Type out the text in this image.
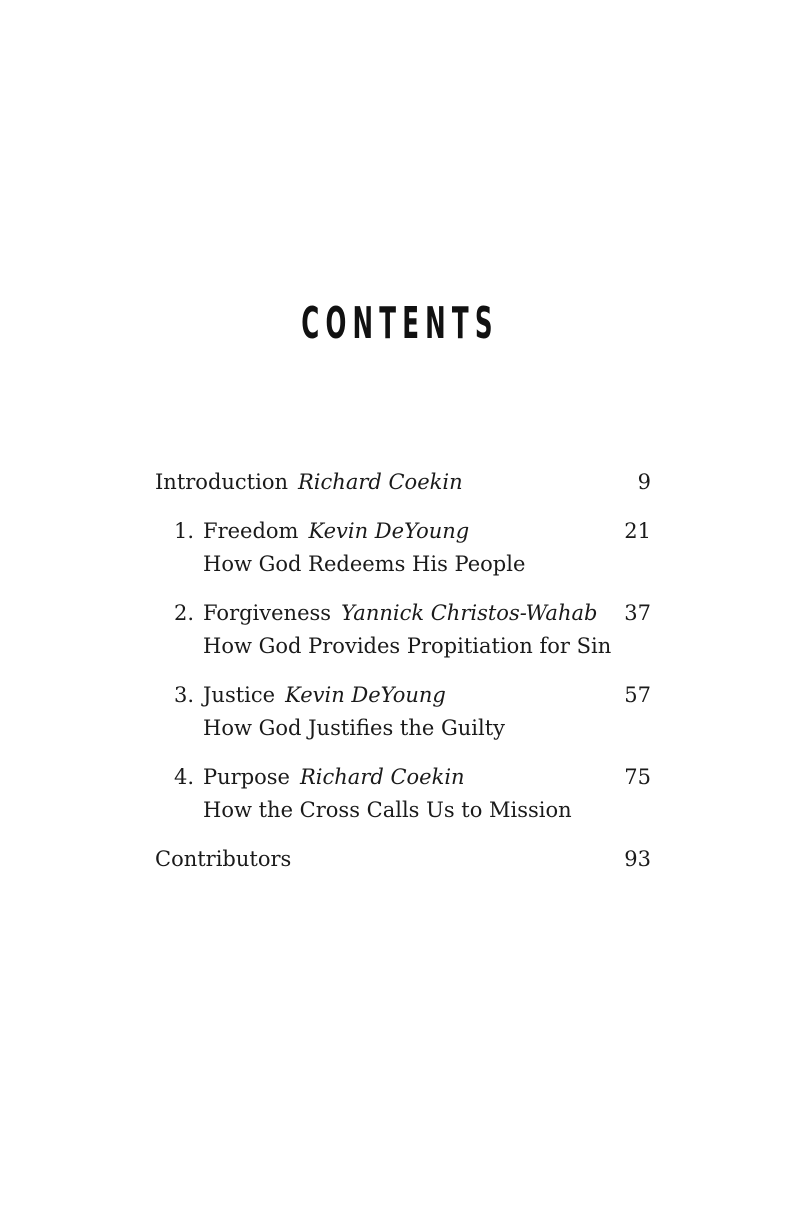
CONTENTS
Introduction Richard Coekin	9
1. Freedom Kevin DeYoung	21
How God Redeems His People
2. Forgiveness Yannick Christos-Wahab 37
How God Provides Propitiation for Sin
3. Justice Kevin DeYoung	57
How God Justifies the Guilty
4. Purpose Richard Coekin	75
How the Cross Calls Us to Mission
Contributors	93
